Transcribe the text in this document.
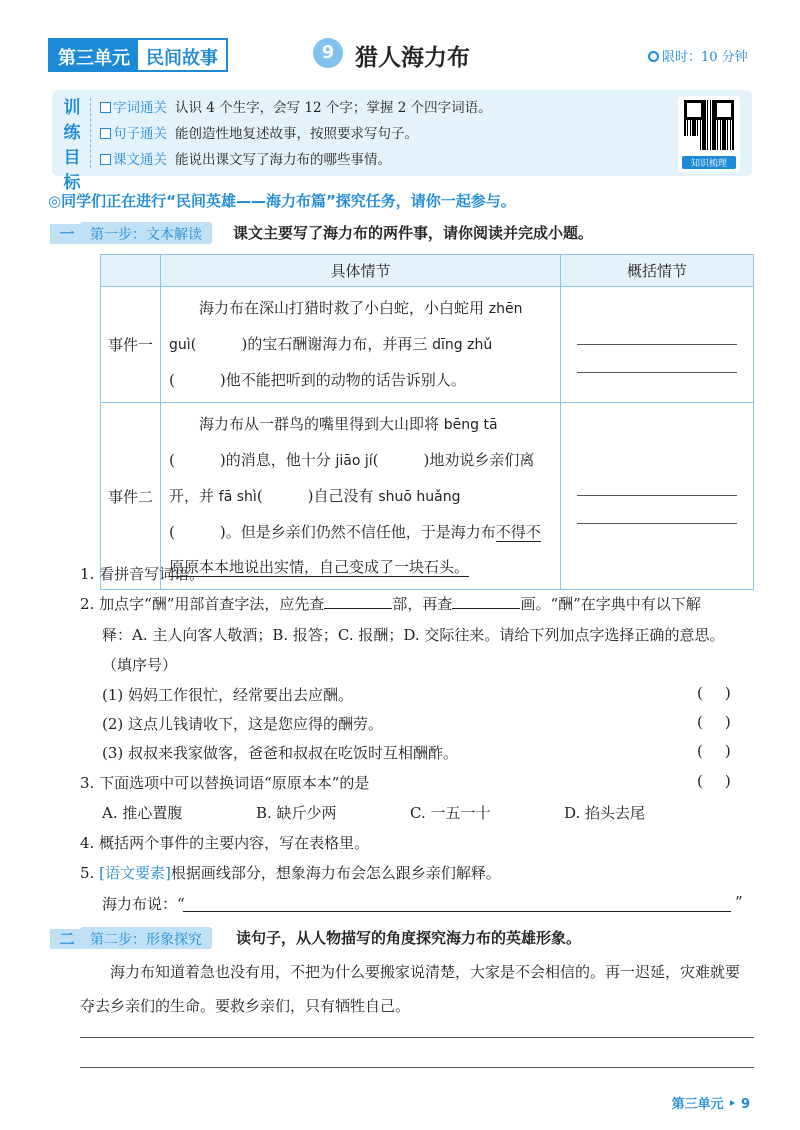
第三单元 民间故事	9 猎人海力布	限时：10 分钟
训
练
目
标
字词通关 认识 4 个生字，会写 12 个字；掌握 2 个四字词语。
句子通关 能创造性地复述故事，按照要求写句子。
课文通关 能说出课文写了海力布的哪些事情。	知识梳理
◎同学们正在进行“民间英雄——海力布篇”探究任务，请你一起参与。
一	第一步：文本解读	课文主要写了海力布的两件事，请你阅读并完成小题。
	具体情节	概括情节
事件一	海力布在深山打猎时救了小白蛇，小白蛇用 zhēn
guì(　　　)的宝石酬谢海力布，并再三 dīng zhǔ
(　　　)他不能把听到的动物的话告诉别人。	

事件二	海力布从一群鸟的嘴里得到大山即将 bēng tā
(　　　)的消息，他十分 jiāo jí(　　　)地劝说乡亲们离开，并 fā shì(　　　)自己没有 shuō huǎng
(　　　)。但是乡亲们仍然不信任他，于是海力布不得不原原本本地说出实情，自己变成了一块石头。	
1. 看拼音写词语。
2. 加点字“酬”用部首查字法，应先查	部，再查	画。“酬”在字典中有以下解
释：A. 主人向客人敬酒；B. 报答；C. 报酬；D. 交际往来。请给下列加点字选择正确的意思。
（填序号）
(1) 妈妈工作很忙，经常要出去应酬。	()
(2) 这点儿钱请收下，这是您应得的酬劳。	()
(3) 叔叔来我家做客，爸爸和叔叔在吃饭时互相酬酢。	()
3. 下面选项中可以替换词语“原原本本”的是	()
A. 推心置腹	B. 缺斤少两	C. 一五一十	D. 掐头去尾
4. 概括两个事件的主要内容，写在表格里。
5. [语文要素]根据画线部分，想象海力布会怎么跟乡亲们解释。
海力布说：“	”
二	第二步：形象探究	读句子，从人物描写的角度探究海力布的英雄形象。
海力布知道着急也没有用，不把为什么要搬家说清楚，大家是不会相信的。再一迟延，灾难就要夺去乡亲们的生命。要救乡亲们，只有牺牲自己。
第三单元 ‣ 9
